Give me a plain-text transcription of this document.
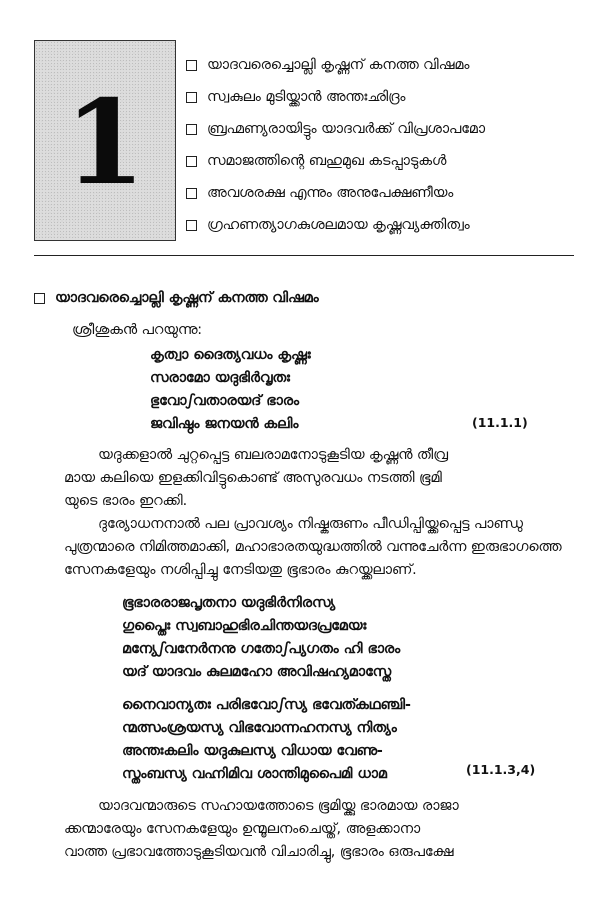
1
യാദവരെച്ചൊല്ലി കൃഷ്ണന് കനത്ത വിഷമം
സ്വകുലം മുടിയ്ക്കാൻ അന്തഃഛിദ്രം
ബ്രഹ്മണ്യരായിട്ടും യാദവർക്ക് വിപ്രശാപമോ
സമാജത്തിന്റെ ബഹുമുഖ കടപ്പാടുകൾ
അവശരക്ഷ എന്നും അനുപേക്ഷണീയം
ഗ്രഹണത്യാഗകുശലമായ കൃഷ്ണവ്യക്തിത്വം
യാദവരെച്ചൊല്ലി കൃഷ്ണന് കനത്ത വിഷമം
ശ്രീശുകൻ പറയുന്നു:
കൃത്വാ ദൈത്യവധം കൃഷ്ണഃ
സരാമോ യദുഭിർവൃതഃ
ഭുവോഽവതാരയദ് ഭാരം
ജവിഷ്ഠം ജനയൻ കലിം	(11.1.1)
യദുക്കളാൽ ചുറ്റപ്പെട്ട ബലരാമനോടുകൂടിയ കൃഷ്ണൻ തീവ്ര
മായ കലിയെ ഇളക്കിവിട്ടുകൊണ്ട് അസുരവധം നടത്തി ഭൂമി
യുടെ ഭാരം ഇറക്കി.
ദുര്യോധനനാൽ പല പ്രാവശ്യം നിഷ്കരുണം പീഡിപ്പിയ്ക്കപ്പെട്ട പാണ്ഡു
പുത്രന്മാരെ നിമിത്തമാക്കി, മഹാഭാരതയുദ്ധത്തിൽ വന്നുചേർന്ന ഇരുഭാഗത്തെ
സേനകളേയും നശിപ്പിച്ചു നേടിയതു ഭൂഭാരം കുറയ്ക്കലാണ്.
ഭൂഭാരരാജപൃതനാ യദുഭിർനിരസ്യ
ഗുപ്തൈഃ സ്വബാഹുഭിരചിന്തയദപ്രമേയഃ
മന്യേഽവനേർനനു ഗതോഽപ്യഗതം ഹി ഭാരം
യദ് യാദവം കുലമഹോ അവിഷഹ്യമാസ്തേ
നൈവാന്യതഃ പരിഭവോഽസ്യ ഭവേത്കഥഞ്ചി-
ന്മത്സംശ്രയസ്യ വിഭവോന്നഹനസ്യ നിത്യം
അന്തഃകലിം യദുകുലസ്യ വിധായ വേണു-
സ്തംബസ്യ വഹ്നിമിവ ശാന്തിമുപൈമി ധാമ	(11.1.3,4)
യാദവന്മാരുടെ സഹായത്തോടെ ഭൂമിയ്ക്കു ഭാരമായ രാജാ
ക്കന്മാരേയും സേനകളേയും ഉന്മൂലനംചെയ്ത്, അളക്കാനാ
വാത്ത പ്രഭാവത്തോടുകൂടിയവൻ വിചാരിച്ചു, ഭൂഭാരം ഒരുപക്ഷേ
